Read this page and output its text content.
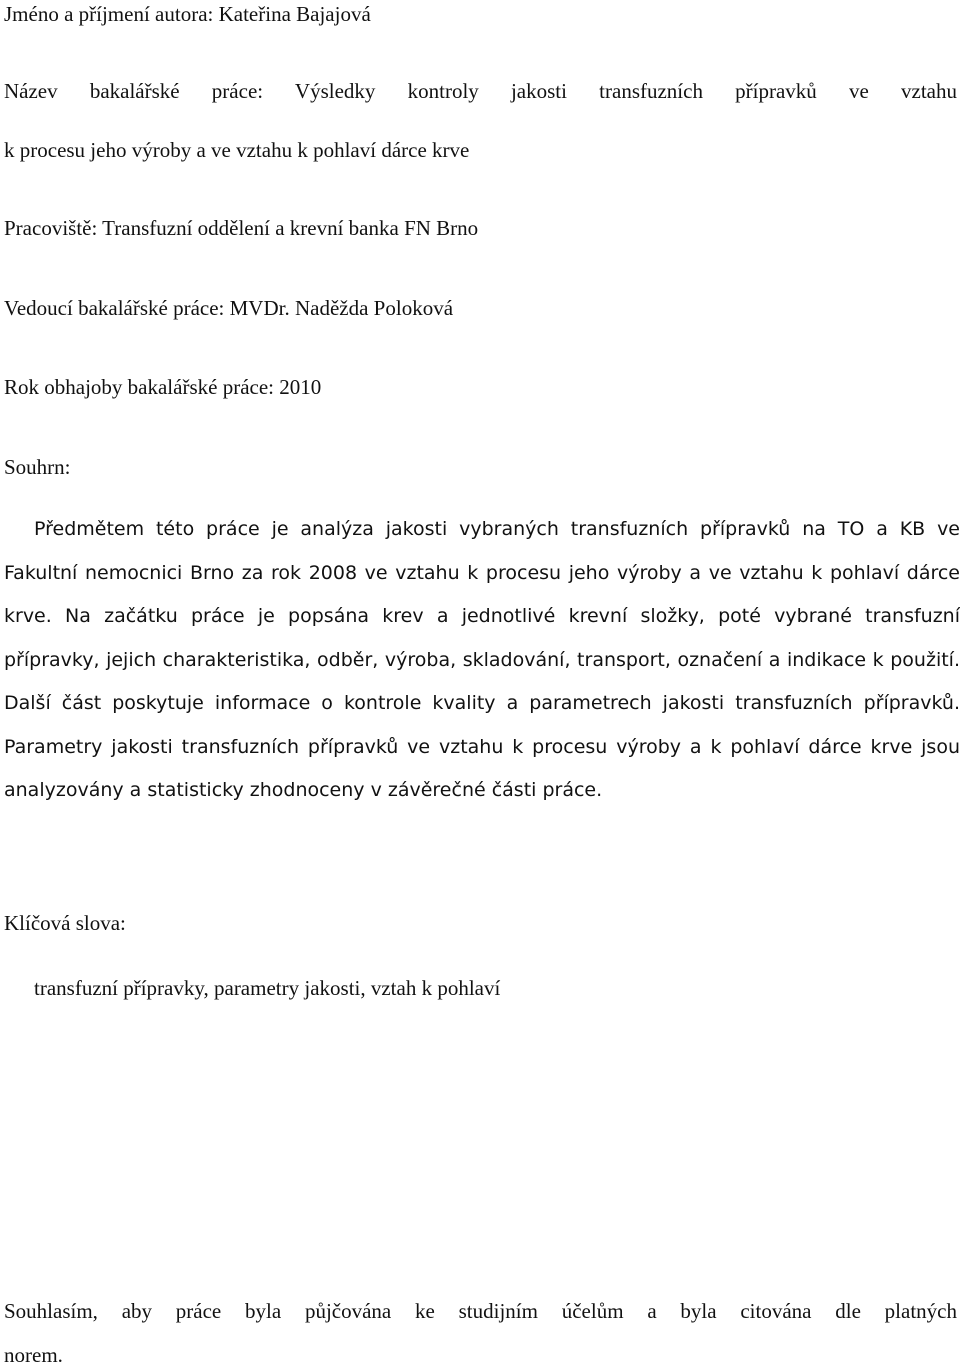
Jméno a příjmení autora: Kateřina Bajajová
Název bakalářské práce: Výsledky kontroly jakosti transfuzních přípravků ve vztahu
k procesu jeho výroby a ve vztahu k pohlaví dárce krve
Pracoviště: Transfuzní oddělení a krevní banka FN Brno
Vedoucí bakalářské práce: MVDr. Naděžda Poloková
Rok obhajoby bakalářské práce: 2010
Souhrn:
Předmětem této práce je analýza jakosti vybraných transfuzních přípravků na TO a KB ve Fakultní nemocnici Brno za rok 2008 ve vztahu k procesu jeho výroby a ve vztahu k pohlaví dárce krve. Na začátku práce je popsána krev a jednotlivé krevní složky, poté vybrané transfuzní přípravky, jejich charakteristika, odběr, výroba, skladování, transport, označení a indikace k použití. Další část poskytuje informace o kontrole kvality a parametrech jakosti transfuzních přípravků. Parametry jakosti transfuzních přípravků ve vztahu k procesu výroby a k pohlaví dárce krve jsou analyzovány a statisticky zhodnoceny v závěrečné části práce.
Klíčová slova:
transfuzní přípravky, parametry jakosti, vztah k pohlaví
Souhlasím, aby práce byla půjčována ke studijním účelům a byla citována dle platných
norem.
